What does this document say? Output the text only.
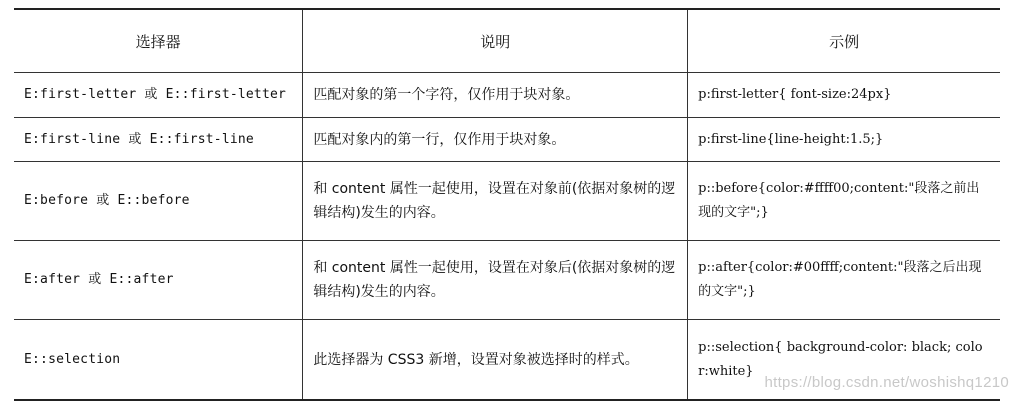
选择器	说明	示例
E:first-letter 或 E::first-letter	匹配对象的第一个字符，仅作用于块对象。	p:first-letter{ font-size:24px}
E:first-line 或 E::first-line	匹配对象内的第一行，仅作用于块对象。	p:first-line{line-height:1.5;}
E:before 或 E::before	和 content 属性一起使用，设置在对象前(依据对象树的逻辑结构)发生的内容。	p::before{color:#ffff00;content:"段落之前出现的文字";}
E:after 或 E::after	和 content 属性一起使用，设置在对象后(依据对象树的逻辑结构)发生的内容。	p::after{color:#00ffff;content:"段落之后出现的文字";}
E::selection	此选择器为 CSS3 新增，设置对象被选择时的样式。	p::selection{ background-color: black; color:white}
https://blog.csdn.net/woshishq1210
